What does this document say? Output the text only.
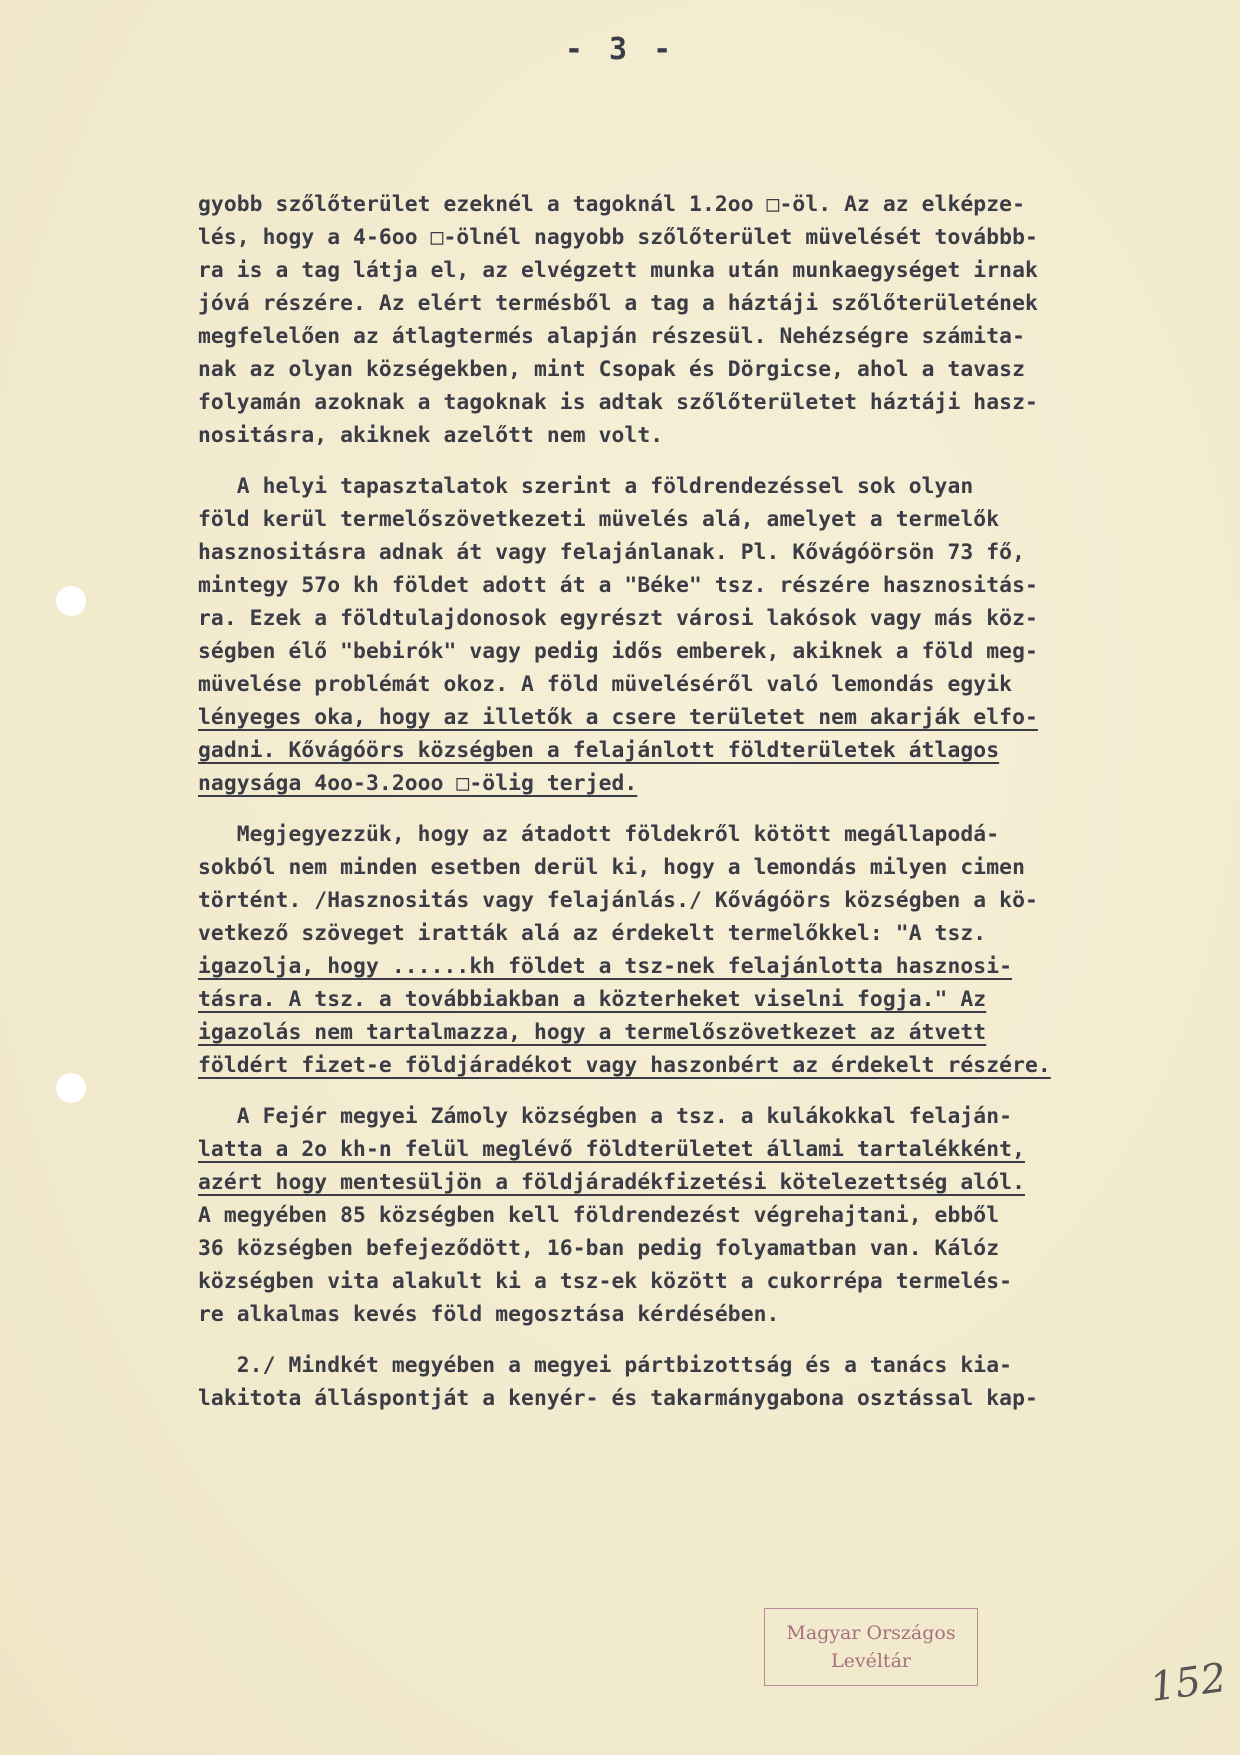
- 3 -
gyobb szőlőterület ezeknél a tagoknál 1.2oo □-öl. Az az elképze-
lés, hogy a 4-6oo □-ölnél nagyobb szőlőterület müvelését továbbb-
ra is a tag látja el, az elvégzett munka után munkaegységet irnak
jóvá részére. Az elért termésből a tag a háztáji szőlőterületének
megfelelően az átlagtermés alapján részesül. Nehézségre számita-
nak az olyan községekben, mint Csopak és Dörgicse, ahol a tavasz
folyamán azoknak a tagoknak is adtak szőlőterületet háztáji hasz-
nositásra, akiknek azelőtt nem volt.
A helyi tapasztalatok szerint a földrendezéssel sok olyan
föld kerül termelőszövetkezeti müvelés alá, amelyet a termelők
hasznositásra adnak át vagy felajánlanak. Pl. Kővágóörsön 73 fő,
mintegy 57o kh földet adott át a "Béke" tsz. részére hasznositás-
ra. Ezek a földtulajdonosok egyrészt városi lakósok vagy más köz-
ségben élő "bebirók" vagy pedig idős emberek, akiknek a föld meg-
müvelése problémát okoz. A föld müveléséről való lemondás egyik
lényeges oka, hogy az illetők a csere területet nem akarják elfo-
gadni. Kővágóörs községben a felajánlott földterületek átlagos
nagysága 4oo-3.2ooo □-ölig terjed.
Megjegyezzük, hogy az átadott földekről kötött megállapodá-
sokból nem minden esetben derül ki, hogy a lemondás milyen cimen
történt. /Hasznositás vagy felajánlás./ Kővágóörs községben a kö-
vetkező szöveget iratták alá az érdekelt termelőkkel: "A tsz.
igazolja, hogy ......kh földet a tsz-nek felajánlotta hasznosi-
tásra. A tsz. a továbbiakban a közterheket viselni fogja." Az
igazolás nem tartalmazza, hogy a termelőszövetkezet az átvett
földért fizet-e földjáradékot vagy haszonbért az érdekelt részére.
A Fejér megyei Zámoly községben a tsz. a kulákokkal felaján-
latta a 2o kh-n felül meglévő földterületet állami tartalékként,
azért hogy mentesüljön a földjáradékfizetési kötelezettség alól.
A megyében 85 községben kell földrendezést végrehajtani, ebből
36 községben befejeződött, 16-ban pedig folyamatban van. Kálóz
községben vita alakult ki a tsz-ek között a cukorrépa termelés-
re alkalmas kevés föld megosztása kérdésében.
2./ Mindkét megyében a megyei pártbizottság és a tanács kia-
lakitota álláspontját a kenyér- és takarmánygabona osztással kap-
Magyar Országos
Levéltár	152
